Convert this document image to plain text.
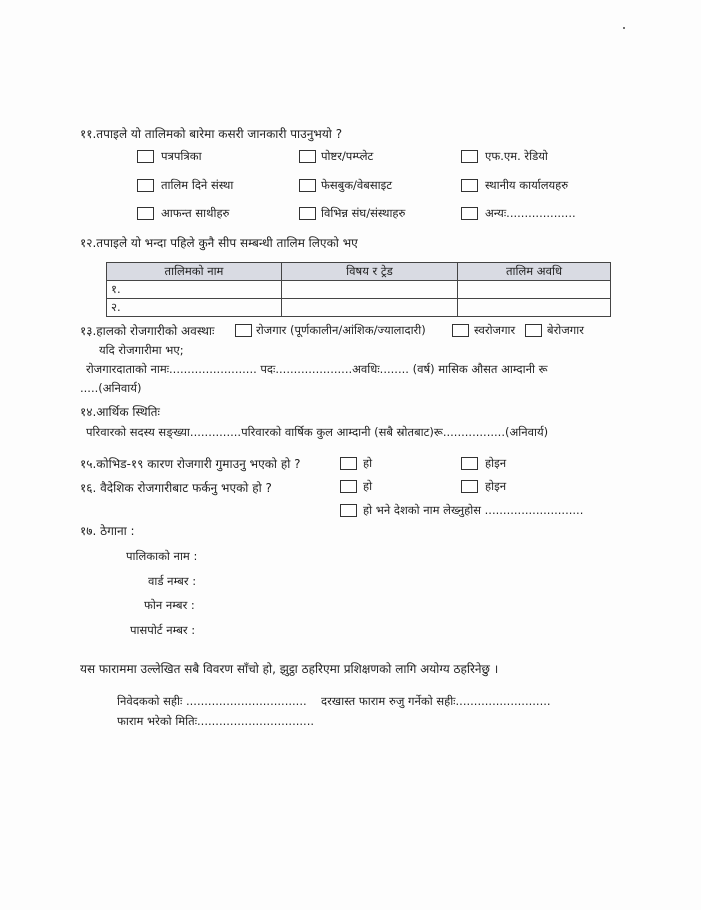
११.तपाइले यो तालिमको बारेमा कसरी जानकारी पाउनुभयो ?
पत्रपत्रिका	पोष्टर/पम्प्लेट	एफ.एम. रेडियो
तालिम दिने संस्था	फेसबुक/वेबसाइट	स्थानीय कार्यालयहरु
आफन्त साथीहरु	विभिन्न संघ/संस्थाहरु	अन्यः...................
१२.तपाइले यो भन्दा पहिले कुनै सीप सम्बन्धी तालिम लिएको भए
तालिमको नाम	विषय र ट्रेड	तालिम अवधि
१.		
२.		
१३.हालको रोजगारीको अवस्थाः	रोजगार (पूर्णकालीन/आंशिक/ज्यालादारी)	स्वरोजगार	बेरोजगार
यदि रोजगारीमा भए;
रोजगारदाताको नामः........................ पदः.....................अवधिः........ (वर्ष) मासिक औसत आम्दानी रू
.....(अनिवार्य)
१४.आर्थिक स्थितिः
परिवारको सदस्य सङ्ख्या..............परिवारको वार्षिक कुल आम्दानी (सबै स्रोतबाट)रू.................(अनिवार्य)
१५.कोभिड-१९ कारण रोजगारी गुमाउनु भएको हो ?	हो	होइन
१६. वैदेशिक रोजगारीबाट फर्कनु भएको हो ?	हो	होइन
हो भने देशको नाम लेख्नुहोस ...........................
१७. ठेगाना :
पालिकाको नाम :
वार्ड नम्बर :
फोन नम्बर :
पासपोर्ट नम्बर :
यस फाराममा उल्लेखित सबै विवरण साँचो हो, झुट्ठा ठहरिएमा प्रशिक्षणको लागि अयोग्य ठहरिनेछु ।
निवेदकको सहीः ................................. दरखास्त फाराम रुजु गर्नेको सहीः..........................
फाराम भरेको मितिः................................
